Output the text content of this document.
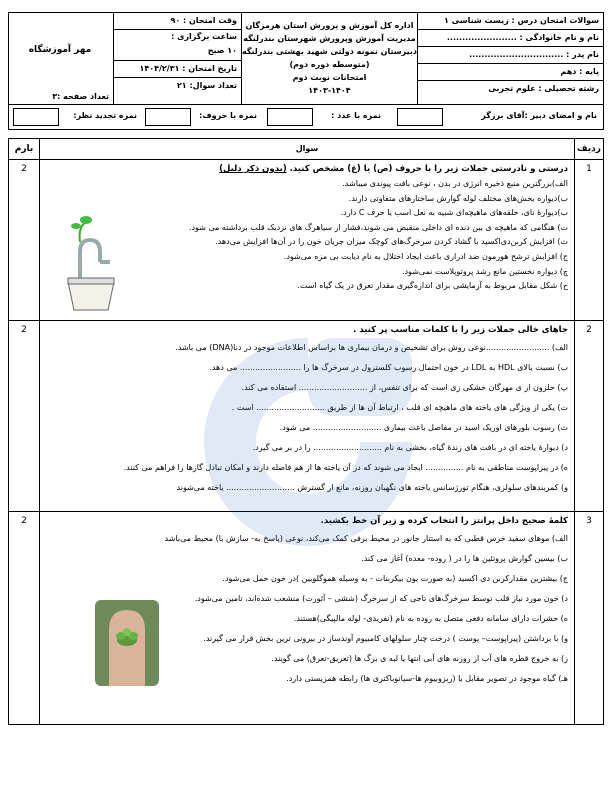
سوالات امتحان درس : زیست شناسی ۱
نام و نام خانوادگی : .......................
نام پدر : ...............................
پایه : دهم
رشته تحصیلی : علوم تجربی
اداره کل آموزش و پرورش استان هرمزگان
مدیریت آموزش وپرورش شهرستان بندرلنگه
دبیرستان نمونه دولتی شهید بهشتی بندرلنگه
(متوسطه دوره دوم)
امتحانات نوبت دوم
۱۴۰۳-۱۴۰۴
وقت امتحان : ۹۰
ساعت برگزاری :
۱۰ صبح
تاریخ امتحان : ۱۴۰۴/۲/۳۱
تعداد سوال: ۲۱
مهر آموزشگاه
تعداد صفحه :۳
نام و امضای دبیر :آقای برزگر
نمره با عدد :
نمره با حروف:
نمره تجدید نظر:
ردیف
سوال
بارم
1
درستی و نادرستی جملات زیر را با حروف (ص) یا (غ) مشخص کنید. (بدون ذکر دلیل)
الف)بزرگترین منبع ذخیره انرژی در بدن ، نوعی بافت پیوندی میباشد.
ب)دیواره بخش‌های مختلف لوله گوارش ساختارهای متفاوتی دارند.
ب)دیوارهٔ نای، حلقه‌های ماهیچه‌ای شبیه به نعل اسب یا حرف C دارد.
ت) هنگامی که ماهیچه ی بین دنده ای داخلی منقبض می شوند،فشار از سیاهرگ های نزدیک قلب برداشته می شود.
ث) افزایش کربن‌دی‌اکسید با گشاد کردن سرخرگ‌های کوچک میزان جریان خون را در آن‌ها افزایش می‌دهد.
ج) افزایش ترشح هورمون ضد ادراری باعث ایجاد اختلال به نام دیابت بی مزه می‌شود.
چ) دیواره نخستین مانع رشد پروتوپلاست نمی‌شود.
ح) شکل مقابل مربوط به آزمایشی برای اندازه‌گیری مقدار تعرق در یک گیاه است.
2
2
جاهای خالی جملات زیر را با کلمات مناسب پر کنید .
الف) .........................نوعی روش برای تشخیص و درمان بیماری ها براساس اطلاعات موجود در دنا(DNA) می باشد.
ب) نسبت بالای HDL به LDL در خون احتمال رسوب کلسترول در سرخرگ ها را ........................ می دهد.
پ) حلزون از ی مهرگان خشکی زی است که برای تنفس، از ........................... استفاده می کند.
ت) یکی از ویژگی های یاخته های ماهیچه ای قلب ، ارتباط آن ها از طریق ........................... است .
ث) رسوب بلورهای اوریک اسید در مفاصل باعث بیماری ........................... می شود.
د) دیوارهٔ یاخته ای در بافت های زندهٔ گیاه، بخشی به نام ........................... را در بر می گیرد.
ه) در پیراپوست مناطقی به نام ............... ایجاد می شوند که در آن یاخته ها از هم فاصله دارند و امکان تبادل گازها را فراهم می کنند.
و) کمربندهای سلولزی، هنگام تورژسانس یاخته های نگهبان روزنه، مانع از گسترش ........................... یاخته می‌شوند
2
3
کلمهٔ صحیح داخل پرانتز را انتخاب کرده و زیر آن خط بکشید.
الف) موهای سفید خرس قطبی که به استتار جانور در محیط برفی کمک می‌کند، نوعی (پاسخ به- سازش با) محیط می‌باشد
ب) بیسین گوارش پروتئین ها را در ( روده- معده) آغاز می کند.
ج) بیشترین مقدارکربن دی اکسید (به صورت یون بیکربنات - به وسیله هموگلوبین )در خون حمل می‌شود.
د) خون مورد نیاز قلب توسط سرخرگ‌های تاجی که از سرخرگ (ششی – آئورت) منشعب شده‌اند، تامین می‌شود.
ه) حشرات دارای سامانه دفعی متصل به روده به نام (نفریدی- لوله مالپیگی)هستند.
و) با برداشتن (پیراپوست– پوست ) درخت چنار سلولهای کامبیوم آوندساز در بیرونی ترین بخش قرار می گیرند.
ز) به خروج قطره های آب از روزنه های آبی انتها یا لبه ی برگ ها (تعریق-تعرق) می گویند.
هـ) گیاه موجود در تصویر مقابل با (ریزوبیوم ها-سیانوباکتری ها) رابطه همزیستی دارد.
2
